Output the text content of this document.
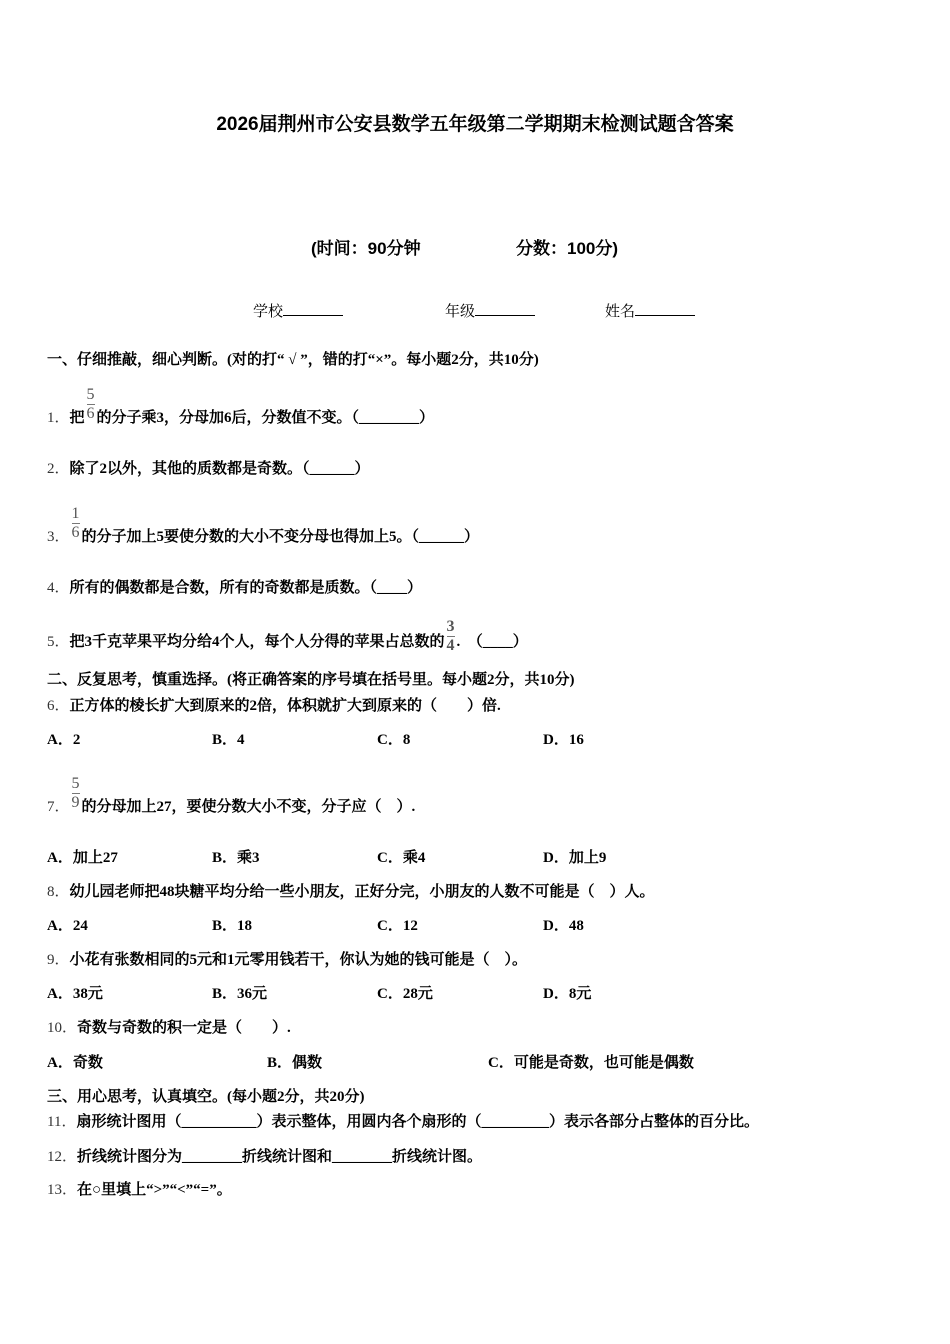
2026届荆州市公安县数学五年级第二学期期末检测试题含答案
(时间：90分钟	分数：100分)
学校	年级	姓名
一、仔细推敲，细心判断。(对的打“ √ ”，错的打“×”。每小题2分，共10分)
二、反复思考，慎重选择。(将正确答案的序号填在括号里。每小题2分，共10分)
三、用心思考，认真填空。(每小题2分，共20分)
1．把 $\frac{5}{6}$ 的分子乘3，分母加6后，分数值不变。（________）
2．除了2以外，其他的质数都是奇数。（______）
3． $\frac{1}{6}$ 的分子加上5要使分数的大小不变分母也得加上5。（______）
4．所有的偶数都是合数，所有的奇数都是质数。（____）
5．把3千克苹果平均分给4个人，每个人分得的苹果占总数的 $\frac{3}{4}$ .　（____）
6．正方体的棱长扩大到原来的2倍，体积就扩大到原来的（　　）倍.
7． $\frac{5}{9}$ 的分母加上27，要使分数大小不变，分子应（　）.
8．幼儿园老师把48块糖平均分给一些小朋友，正好分完，小朋友的人数不可能是（　）人。
9．小花有张数相同的5元和1元零用钱若干，你认为她的钱可能是（　）。
10．奇数与奇数的积一定是（　　）.
11．扇形统计图用（__________）表示整体，用圆内各个扇形的（_________）表示各部分占整体的百分比。
12．折线统计图分为________折线统计图和________折线统计图。
13．在○里填上“>”“<”“=”。
A．2	B．4	C．8	D．16
A．加上27	B．乘3	C．乘4	D．加上9
A．24	B．18	C．12	D．48
A．38元	B．36元	C．28元	D．8元
A．奇数	B．偶数	C．可能是奇数，也可能是偶数
